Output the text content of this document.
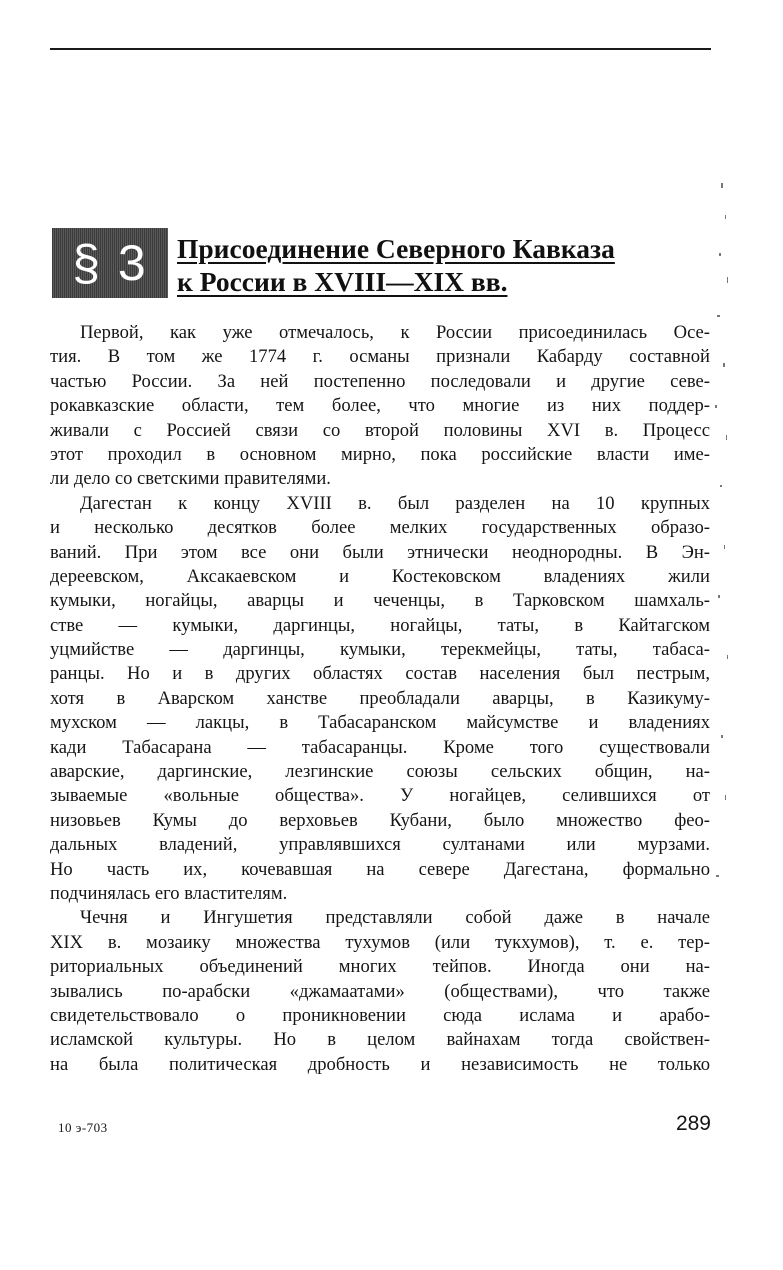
§ 3	Присоединение Северного Кавказа
к России в XVIII—XIX вв.
Первой, как уже отмечалось, к России присоединилась Осе-
тия. В том же 1774 г. османы признали Кабарду составной
частью России. За ней постепенно последовали и другие севе-
рокавказские области, тем более, что многие из них поддер-
живали с Россией связи со второй половины XVI в. Процесс
этот проходил в основном мирно, пока российские власти име-
ли дело со светскими правителями.
Дагестан к концу XVIII в. был разделен на 10 крупных
и несколько десятков более мелких государственных образо-
ваний. При этом все они были этнически неоднородны. В Эн-
дереевском, Аксакаевском и Костековском владениях жили
кумыки, ногайцы, аварцы и чеченцы, в Тарковском шамхаль-
стве — кумыки, даргинцы, ногайцы, таты, в Кайтагском
уцмийстве — даргинцы, кумыки, терекмейцы, таты, табаса-
ранцы. Но и в других областях состав населения был пестрым,
хотя в Аварском ханстве преобладали аварцы, в Казикуму-
мухском — лакцы, в Табасаранском майсумстве и владениях
кади Табасарана — табасаранцы. Кроме того существовали
аварские, даргинские, лезгинские союзы сельских общин, на-
зываемые «вольные общества». У ногайцев, селившихся от
низовьев Кумы до верховьев Кубани, было множество фео-
дальных владений, управлявшихся султанами или мурзами.
Но часть их, кочевавшая на севере Дагестана, формально
подчинялась его властителям.
Чечня и Ингушетия представляли собой даже в начале
XIX в. мозаику множества тухумов (или тукхумов), т. е. тер-
риториальных объединений многих тейпов. Иногда они на-
зывались по-арабски «джамаатами» (обществами), что также
свидетельствовало о проникновении сюда ислама и арабо-
исламской культуры. Но в целом вайнахам тогда свойствен-
на была политическая дробность и независимость не только
10 э-703	289
